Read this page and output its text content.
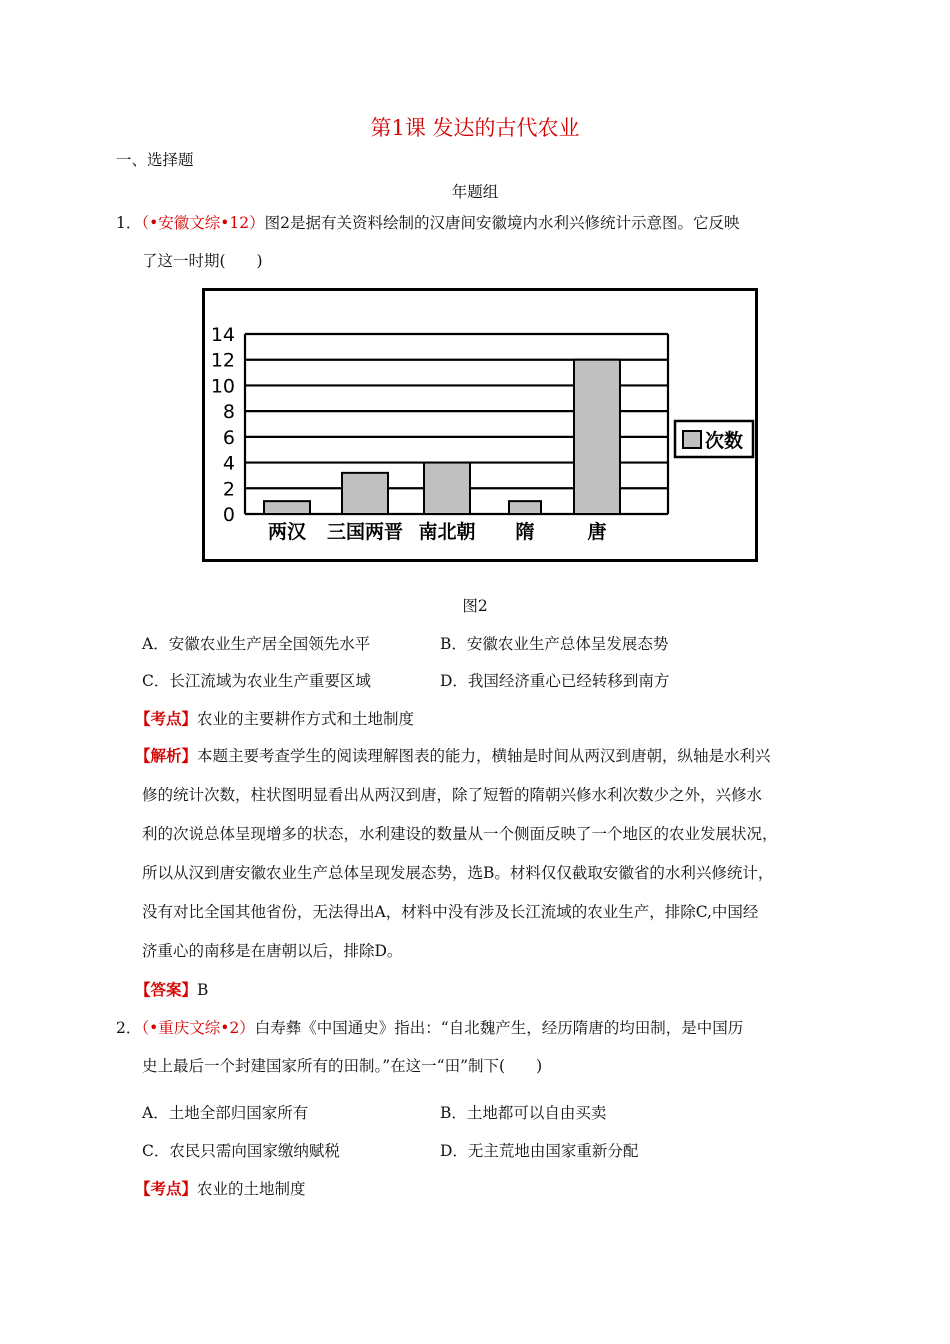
第1课 发达的古代农业
一、选择题
年题组
1．（•安徽文综•12）图2是据有关资料绘制的汉唐间安徽境内水利兴修统计示意图。它反映
了这一时期(　　)
0
2
4
6
8
10
12
14
两汉 三国两晋 南北朝 隋	唐
次数
图2
A．安徽农业生产居全国领先水平	B．安徽农业生产总体呈发展态势
C．长江流域为农业生产重要区域	D．我国经济重心已经转移到南方
【考点】农业的主要耕作方式和土地制度
【解析】本题主要考查学生的阅读理解图表的能力，横轴是时间从两汉到唐朝，纵轴是水利兴
修的统计次数，柱状图明显看出从两汉到唐，除了短暂的隋朝兴修水利次数少之外，兴修水
利的次说总体呈现增多的状态，水利建设的数量从一个侧面反映了一个地区的农业发展状况，
所以从汉到唐安徽农业生产总体呈现发展态势，选B。材料仅仅截取安徽省的水利兴修统计，
没有对比全国其他省份，无法得出A，材料中没有涉及长江流域的农业生产，排除C,中国经
济重心的南移是在唐朝以后，排除D。
【答案】B
2．（•重庆文综•2）白寿彝《中国通史》指出：“自北魏产生，经历隋唐的均田制，是中国历
史上最后一个封建国家所有的田制。”在这一“田”制下(　　)
A．土地全部归国家所有	B．土地都可以自由买卖
C．农民只需向国家缴纳赋税	D．无主荒地由国家重新分配
【考点】农业的土地制度
